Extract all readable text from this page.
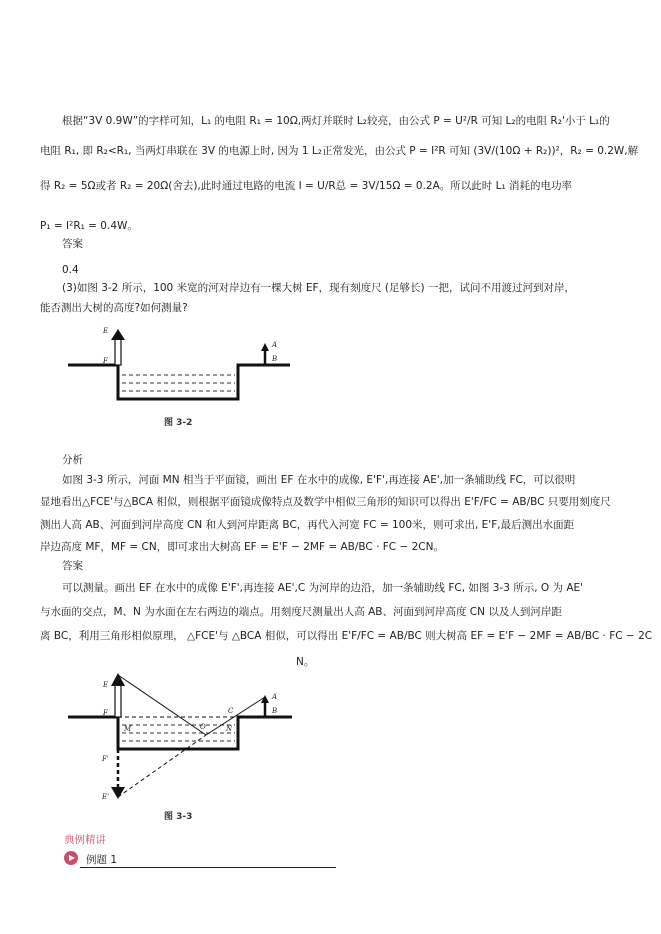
根据“3V 0.9W”的字样可知，L₁ 的电阻 R₁ = 10Ω,两灯并联时 L₂较亮，由公式 P = U²/R 可知 L₂的电阻 R₂'小于 L₁的
电阻 R₁, 即 R₂<R₁, 当两灯串联在 3V 的电源上时, 因为 1 L₂正常发光，由公式 P = I²R 可知 (3V/(10Ω + R₂))²，R₂ = 0.2W,解
得 R₂ = 5Ω或者 R₂ = 20Ω(舍去),此时通过电路的电流 I = U/R总 = 3V/15Ω = 0.2A。所以此时 L₁ 消耗的电功率
P₁ = I²R₁ = 0.4W。
答案
0.4
(3)如图 3-2 所示，100 米宽的河对岸边有一棵大树 EF，现有刻度尺 (足够长) 一把，试问不用渡过河到对岸，
能否测出大树的高度?如何测量?
E
F
A
B
图 3-2
分析
如图 3-3 所示，河面 MN 相当于平面镜，画出 EF 在水中的成像, E'F',再连接 AE',加一条辅助线 FC，可以很明
显地看出△FCE'与△BCA 相似，则根据平面镜成像特点及数学中相似三角形的知识可以得出 E'F/FC = AB/BC 只要用刻度尺
测出人高 AB、河面到河岸高度 CN 和人到河岸距离 BC，再代入河宽 FC = 100米，则可求出, E'F,最后测出水面距
岸边高度 MF，MF = CN，即可求出大树高 EF = E'F − 2MF = AB/BC · FC − 2CN。
答案
可以测量。画出 EF 在水中的成像 E'F',再连接 AE',C 为河岸的边沿，加一条辅助线 FC, 如图 3-3 所示, O 为 AE'
与水面的交点，M、N 为水面在左右两边的端点。用刻度尺测量出人高 AB、河面到河岸高度 CN 以及人到河岸距
离 BC，利用三角形相似原理， △FCE'与 △BCA 相似，可以得出 E'F/FC = AB/BC 则大树高 EF = E'F − 2MF = AB/BC · FC − 2C
N。
E
F
A
B
C
M	N
O
F'
E'
图 3-3
典例精讲
例题 1
